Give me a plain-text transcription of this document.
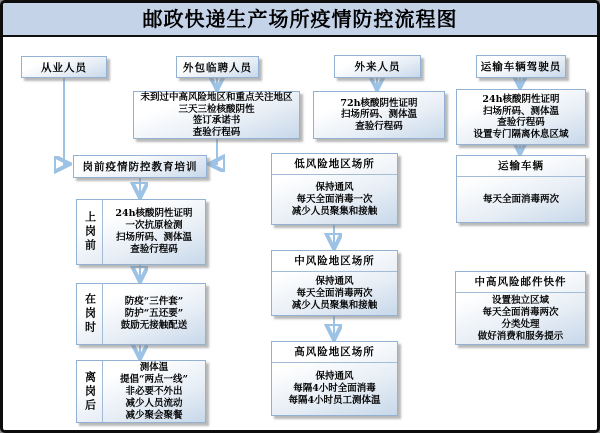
邮政快递生产场所疫情防控流程图
从业人员	外包临聘人员	外来人员	运输车辆驾驶员
未到过中高风险地区和重点关注地区
三天三检核酸阴性
签订承诺书
查验行程码
72h核酸阴性证明
扫场所码、测体温
查验行程码
24h核酸阴性证明
扫场所码、测体温
查验行程码
设置专门隔离休息区域
岗前疫情防控教育培训
上岗前	24h核酸阴性证明
一次抗原检测
扫场所码、测体温
查验行程码
在岗时	防疫“三件套”
防护“五还要”
鼓励无接触配送
离岗后
测体温
提倡“两点一线”
非必要不外出
减少人员流动
减少聚会聚餐
低风险地区场所
保持通风
每天全面消毒一次
减少人员聚集和接触
中风险地区场所
保持通风
每天全面消毒两次
减少人员聚集和接触
高风险地区场所
保持通风
每隔4小时全面消毒
每隔4小时员工测体温
运输车辆
每天全面消毒两次
中高风险邮件快件
设置独立区域
每天全面消毒两次
分类处理
做好消费和服务提示
